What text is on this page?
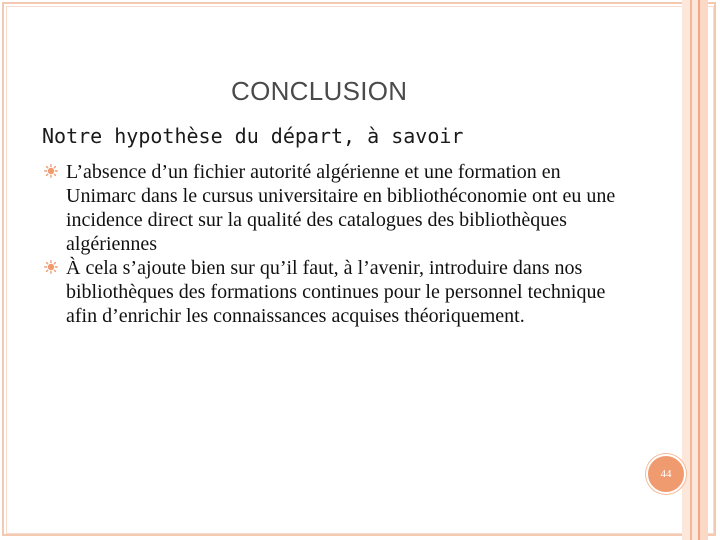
CONCLUSION
Notre hypothèse du départ, à savoir
L’absence d’un fichier autorité algérienne et une formation en Unimarc dans le cursus universitaire en bibliothéconomie ont eu une incidence direct sur la qualité des catalogues des bibliothèques algériennes
À cela s’ajoute bien sur qu’il faut, à l’avenir, introduire dans nos bibliothèques des formations continues pour le personnel technique afin d’enrichir les connaissances acquises théoriquement.
44
